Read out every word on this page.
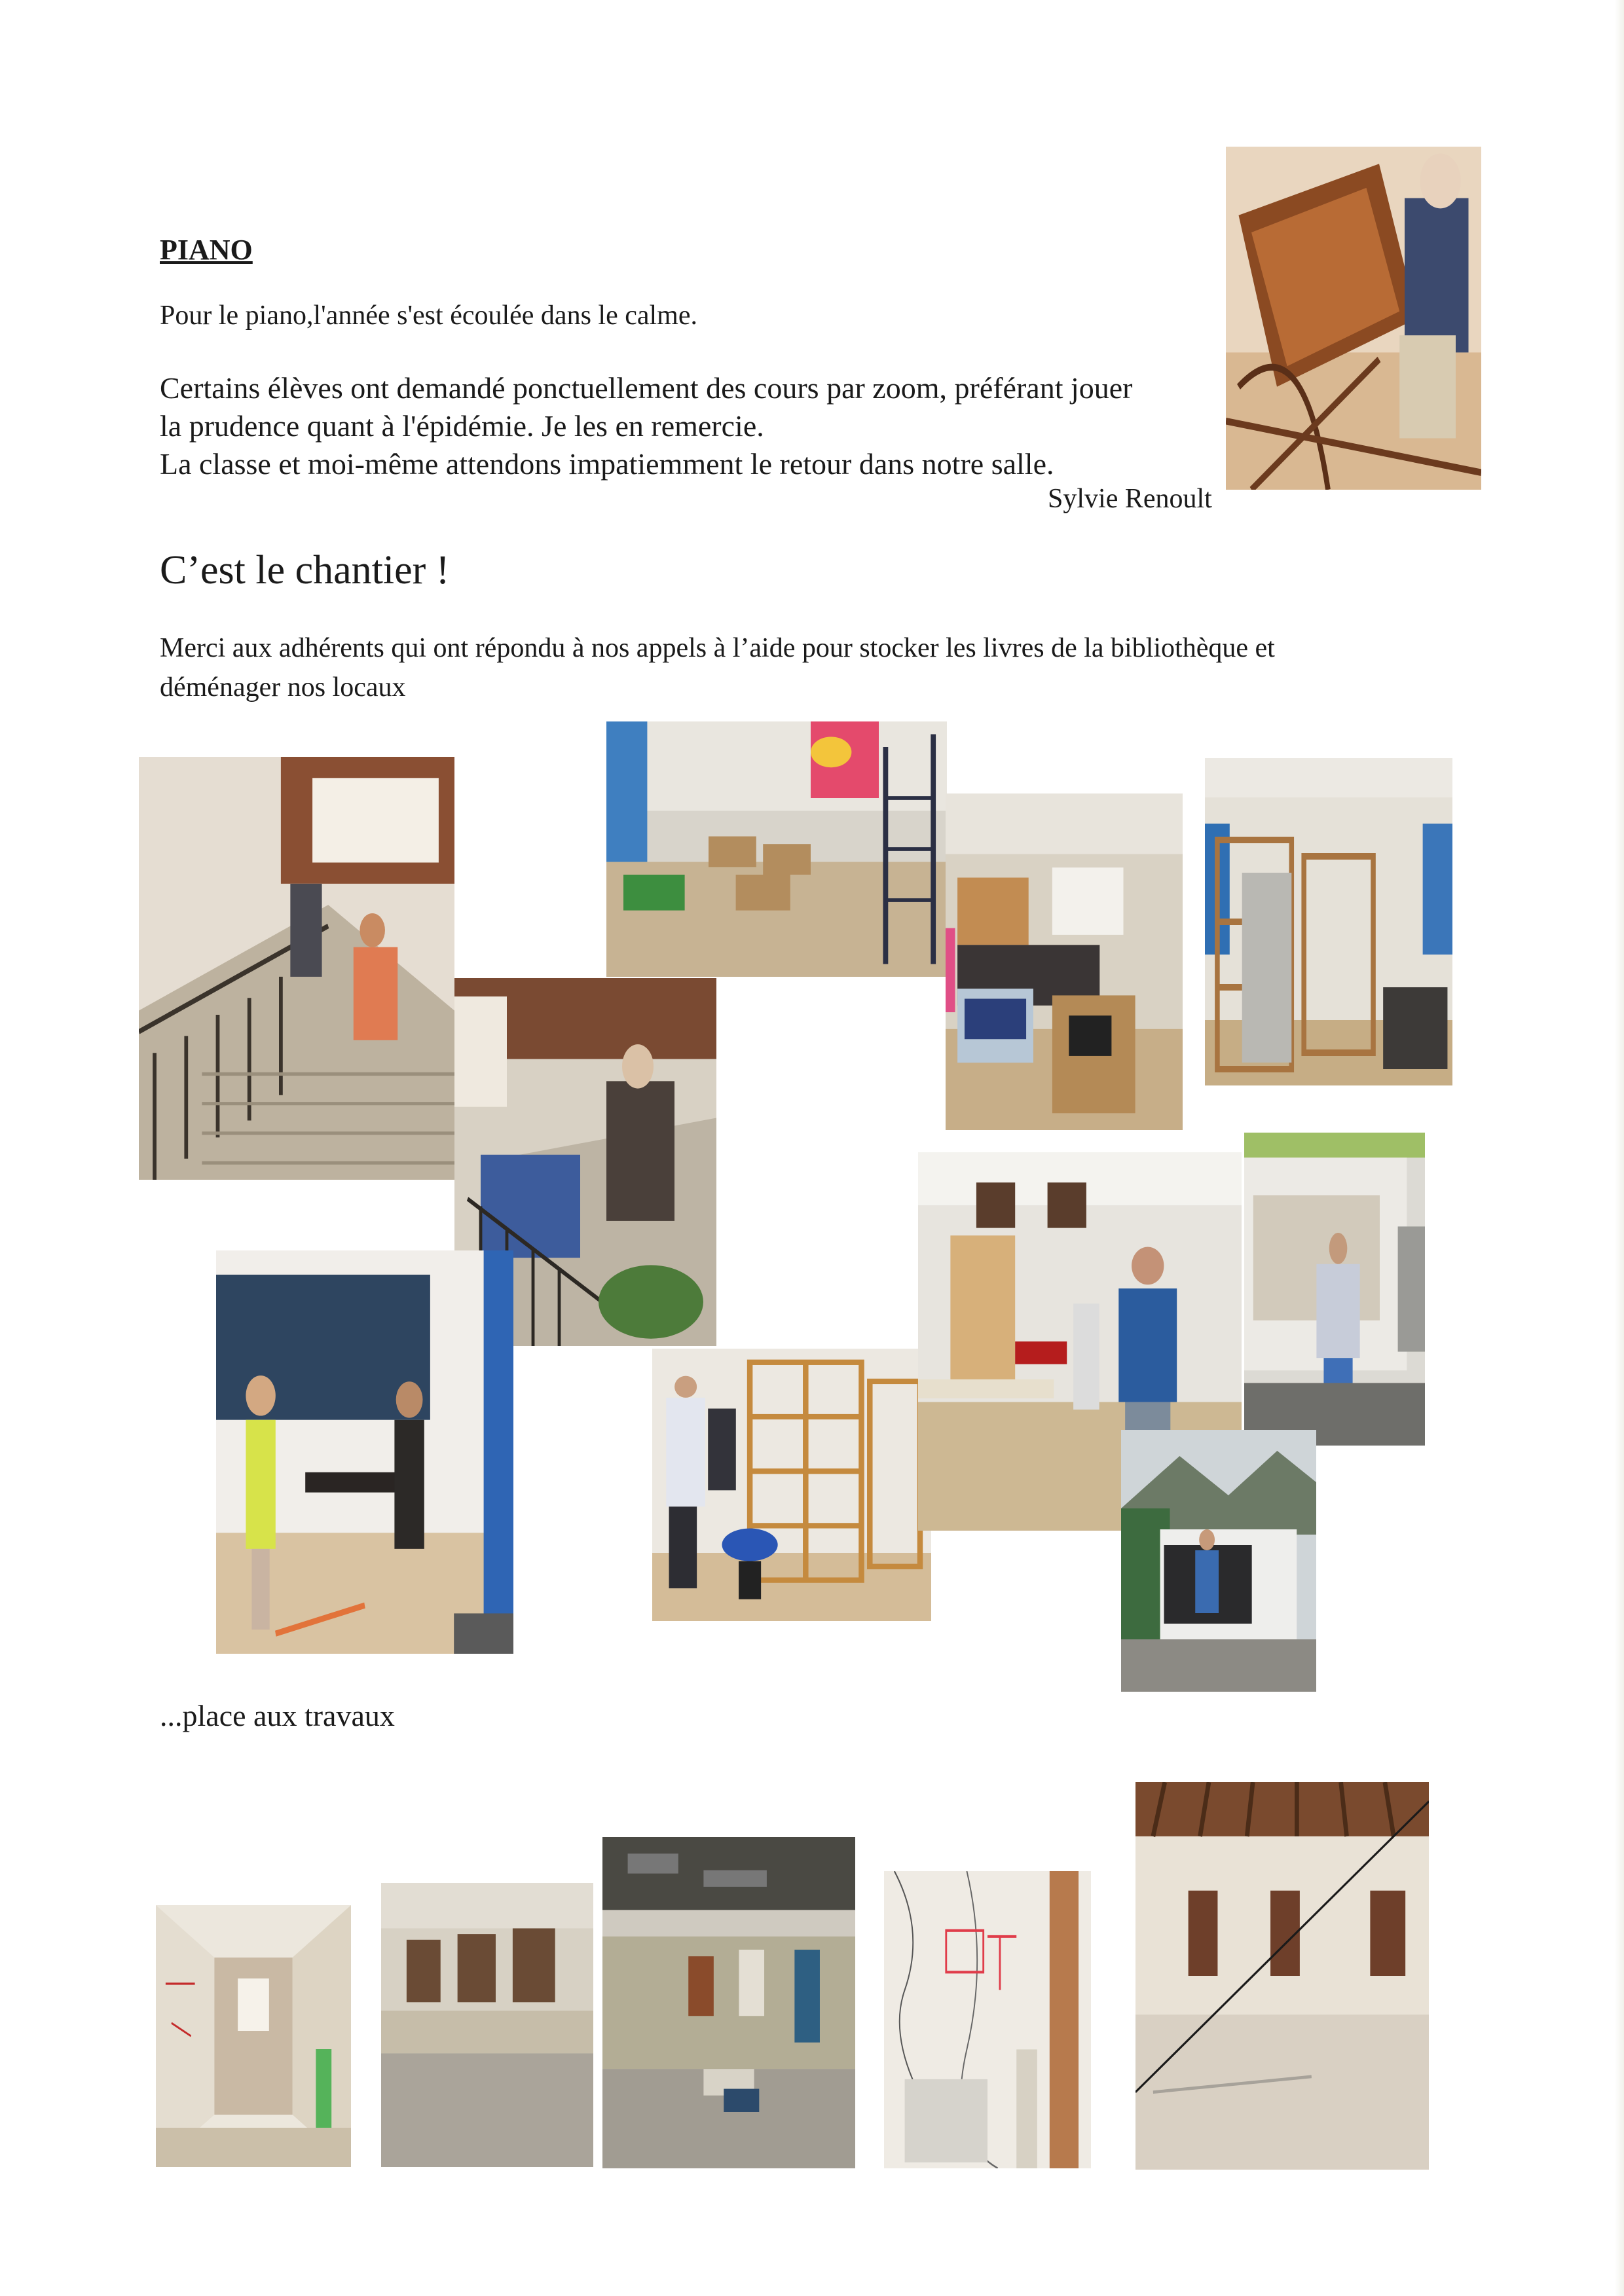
PIANO
Pour le piano,l'année s'est écoulée dans le calme.
Certains élèves ont demandé ponctuellement des cours par zoom, préférant jouer
la prudence quant à l'épidémie. Je les en remercie.
La classe et moi-même attendons impatiemment le retour dans notre salle.
Sylvie Renoult
C’est le chantier !
Merci aux adhérents qui ont répondu à nos appels à l’aide pour stocker les livres de la bibliothèque et
déménager nos locaux
...place aux travaux
